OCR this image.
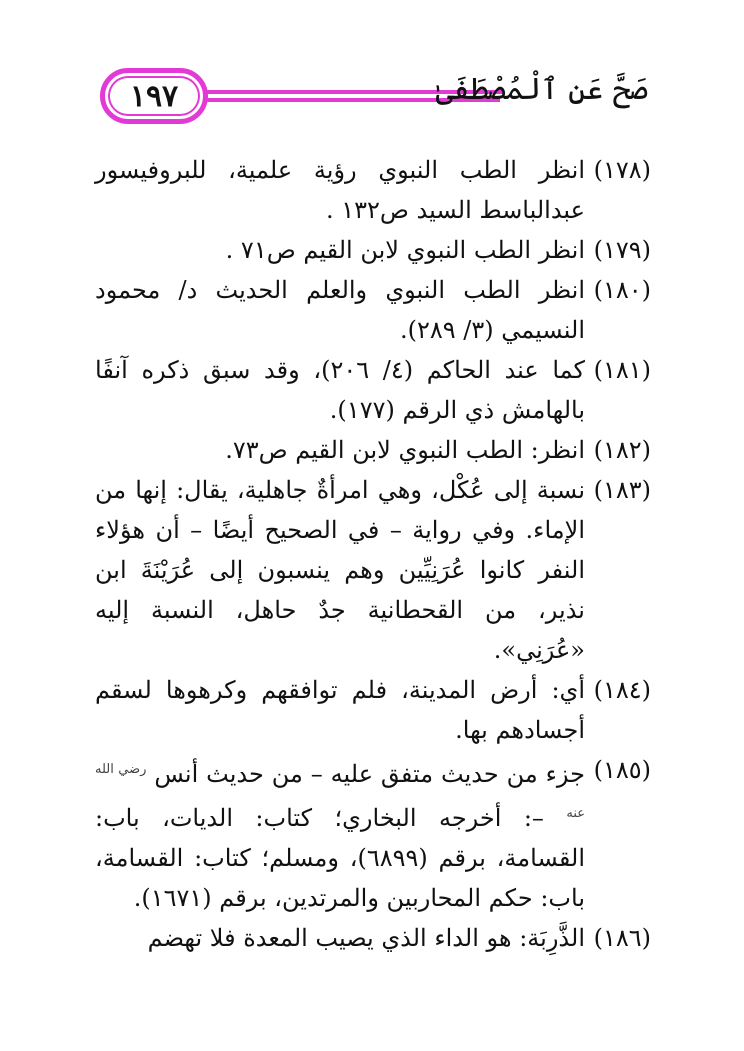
١٩٧	صَحَّ عَنِ ٱلْمُصْطَفَىٰ
(١٧٨)
انظر الطب النبوي رؤية علمية، للبروفيسور عبدالباسط السيد ص١٣٢ .
(١٧٩)
انظر الطب النبوي لابن القيم ص٧١ .
(١٨٠)
انظر الطب النبوي والعلم الحديث د/ محمود النسيمي (٣/ ٢٨٩).
(١٨١)
كما عند الحاكم (٤/ ٢٠٦)، وقد سبق ذكره آنفًا بالهامش ذي الرقم (١٧٧).
(١٨٢)
انظر: الطب النبوي لابن القيم ص٧٣.
(١٨٣)
نسبة إلى عُكْل، وهي امرأةٌ جاهلية، يقال: إنها من الإماء. وفي رواية – في الصحيح أيضًا – أن هؤلاء النفر كانوا عُرَنِيِّين وهم ينسبون إلى عُرَيْنَةَ ابن نذير، من القحطانية جدٌ حاهل، النسبة إليه «عُرَنِي».
(١٨٤)
أي: أرض المدينة، فلم توافقهم وكرهوها لسقم أجسادهم بها.
(١٨٥)
جزء من حديث متفق عليه – من حديث أنس $^{رضي الله عنه}$ –: أخرجه البخاري؛ كتاب: الديات، باب: القسامة، برقم (٦٨٩٩)، ومسلم؛ كتاب: القسامة، باب: حكم المحاربين والمرتدين، برقم (١٦٧١).
(١٨٦)
الذَّرِبَة: هو الداء الذي يصيب المعدة فلا تهضم
